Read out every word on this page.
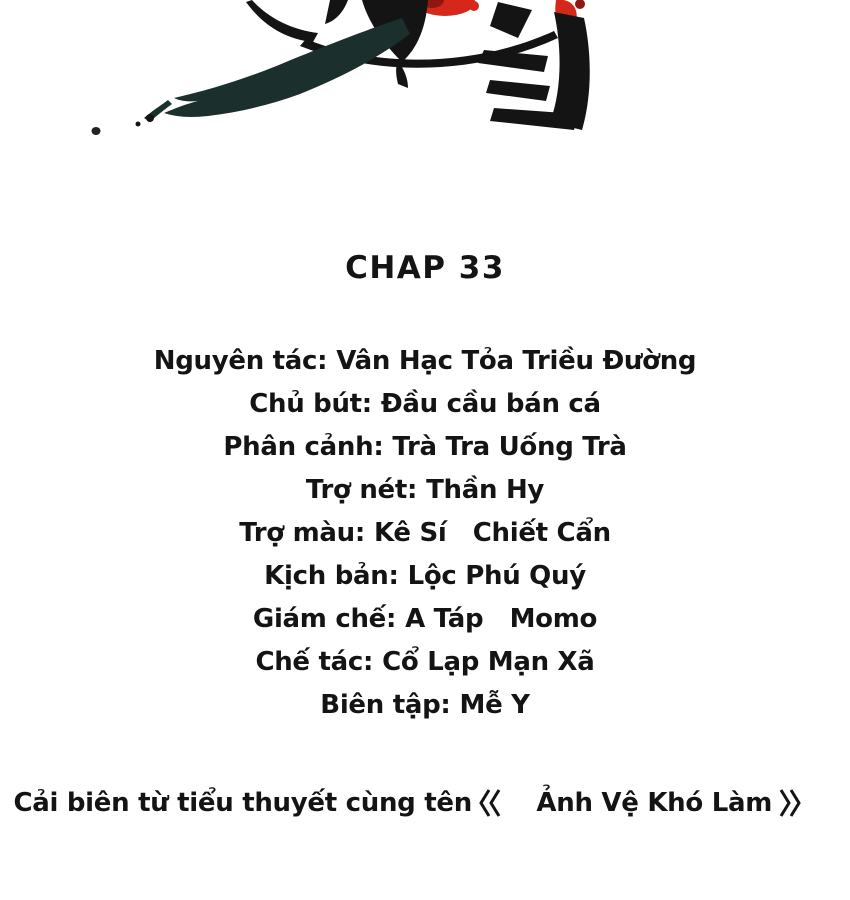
CHAP 33
Nguyên tác: Vân Hạc Tỏa Triều Đường
Chủ bút: Đầu cầu bán cá
Phân cảnh: Trà Tra Uống Trà
Trợ nét: Thần Hy
Trợ màu: Kê Sí   Chiết Cẩn
Kịch bản: Lộc Phú Quý
Giám chế: A Táp   Momo
Chế tác: Cổ Lạp Mạn Xã
Biên tập: Mễ Y
Cải biên từ tiểu thuyết cùng tên

Ảnh Vệ Khó Làm
